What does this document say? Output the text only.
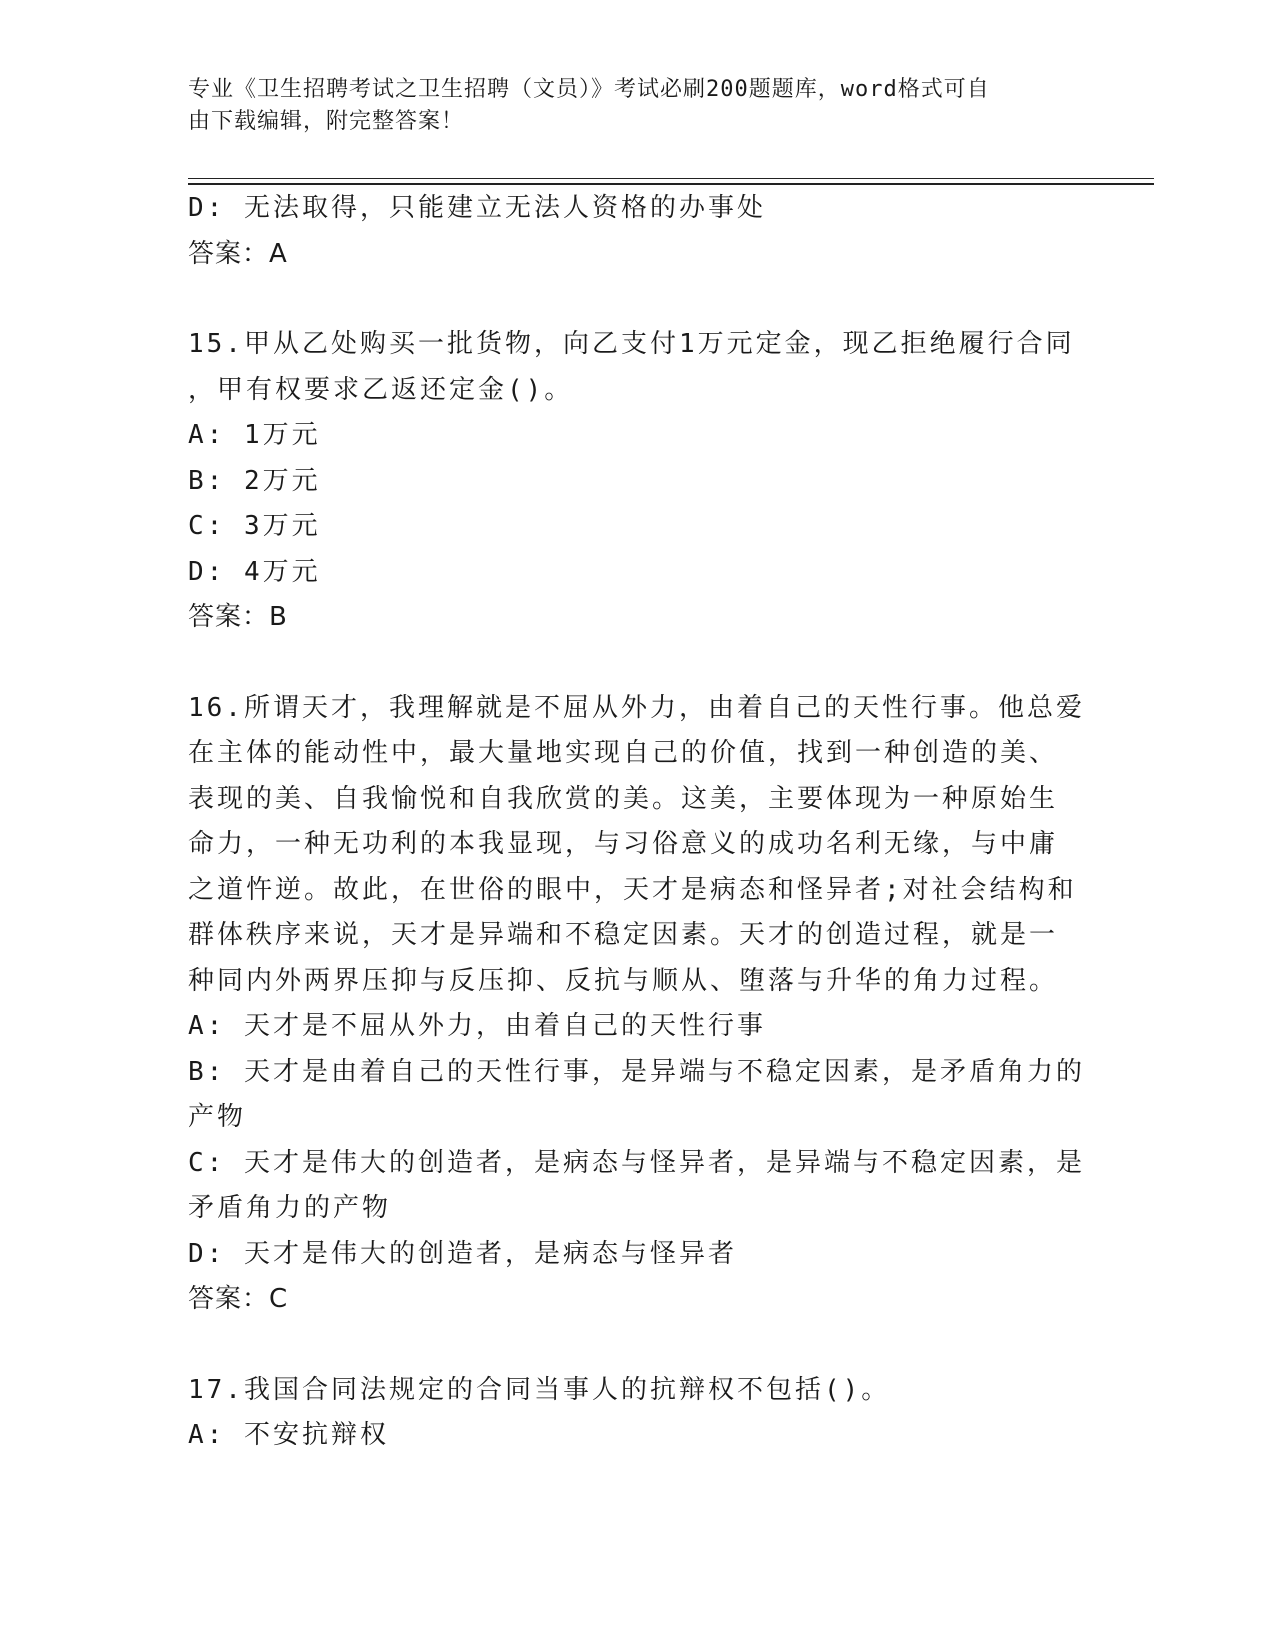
专业《卫生招聘考试之卫生招聘（文员）》考试必刷200题题库，word格式可自
由下载编辑，附完整答案！
D: 无法取得，只能建立无法人资格的办事处
答案：A
15.甲从乙处购买一批货物，向乙支付1万元定金，现乙拒绝履行合同
，甲有权要求乙返还定金()。
A: 1万元
B: 2万元
C: 3万元
D: 4万元
答案：B
16.所谓天才，我理解就是不屈从外力，由着自己的天性行事。他总爱
在主体的能动性中，最大量地实现自己的价值，找到一种创造的美、
表现的美、自我愉悦和自我欣赏的美。这美，主要体现为一种原始生
命力，一种无功利的本我显现，与习俗意义的成功名利无缘，与中庸
之道忤逆。故此，在世俗的眼中，天才是病态和怪异者;对社会结构和
群体秩序来说，天才是异端和不稳定因素。天才的创造过程，就是一
种同内外两界压抑与反压抑、反抗与顺从、堕落与升华的角力过程。
A: 天才是不屈从外力，由着自己的天性行事
B: 天才是由着自己的天性行事，是异端与不稳定因素，是矛盾角力的
产物
C: 天才是伟大的创造者，是病态与怪异者，是异端与不稳定因素，是
矛盾角力的产物
D: 天才是伟大的创造者，是病态与怪异者
答案：C
17.我国合同法规定的合同当事人的抗辩权不包括()。
A: 不安抗辩权
